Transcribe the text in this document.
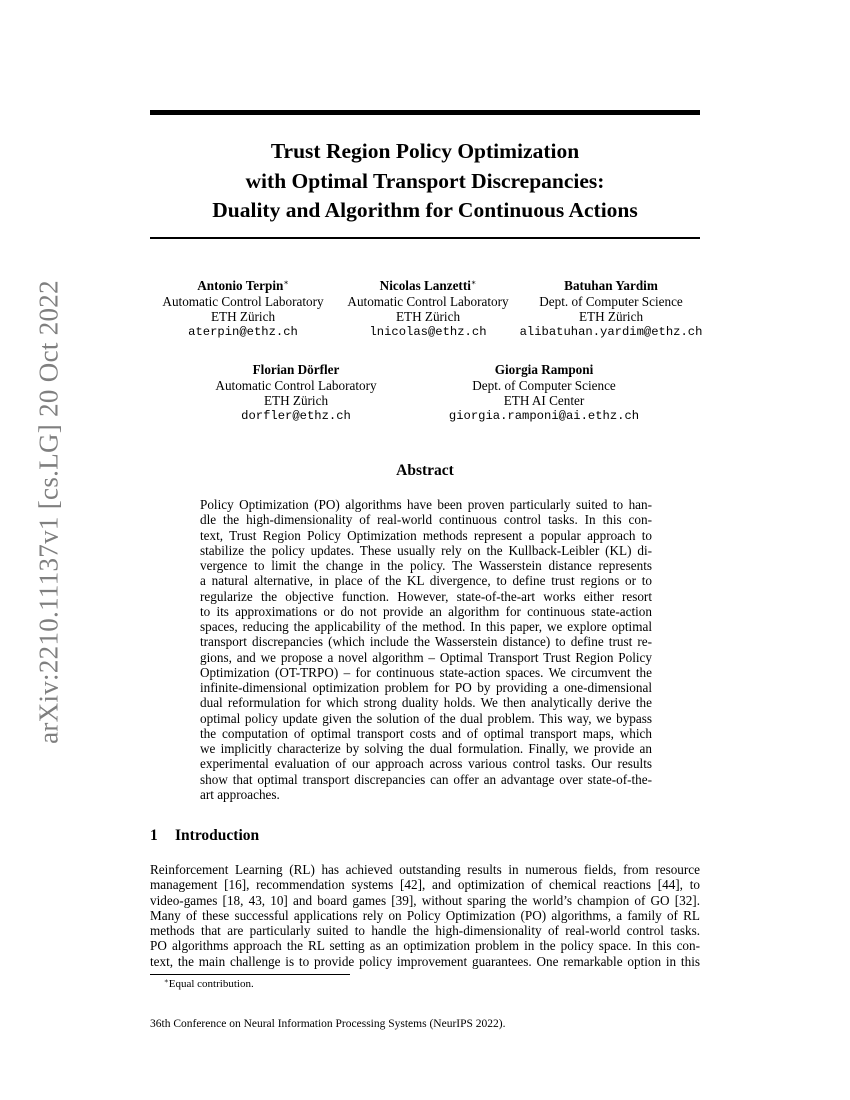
arXiv:2210.11137v1 [cs.LG] 20 Oct 2022
Trust Region Policy Optimization
with Optimal Transport Discrepancies:
Duality and Algorithm for Continuous Actions
Antonio Terpin∗
Automatic Control Laboratory
ETH Zürich
aterpin@ethz.ch
Nicolas Lanzetti∗
Automatic Control Laboratory
ETH Zürich
lnicolas@ethz.ch
Batuhan Yardim
Dept. of Computer Science
ETH Zürich
alibatuhan.yardim@ethz.ch
Florian Dörfler
Automatic Control Laboratory
ETH Zürich
dorfler@ethz.ch
Giorgia Ramponi
Dept. of Computer Science
ETH AI Center
giorgia.ramponi@ai.ethz.ch
Abstract
Policy Optimization (PO) algorithms have been proven particularly suited to han-
dle the high-dimensionality of real-world continuous control tasks. In this con-
text, Trust Region Policy Optimization methods represent a popular approach to
stabilize the policy updates. These usually rely on the Kullback-Leibler (KL) di-
vergence to limit the change in the policy. The Wasserstein distance represents
a natural alternative, in place of the KL divergence, to define trust regions or to
regularize the objective function. However, state-of-the-art works either resort
to its approximations or do not provide an algorithm for continuous state-action
spaces, reducing the applicability of the method. In this paper, we explore optimal
transport discrepancies (which include the Wasserstein distance) to define trust re-
gions, and we propose a novel algorithm – Optimal Transport Trust Region Policy
Optimization (OT-TRPO) – for continuous state-action spaces. We circumvent the
infinite-dimensional optimization problem for PO by providing a one-dimensional
dual reformulation for which strong duality holds. We then analytically derive the
optimal policy update given the solution of the dual problem. This way, we bypass
the computation of optimal transport costs and of optimal transport maps, which
we implicitly characterize by solving the dual formulation. Finally, we provide an
experimental evaluation of our approach across various control tasks. Our results
show that optimal transport discrepancies can offer an advantage over state-of-the-
art approaches.
1 Introduction
Reinforcement Learning (RL) has achieved outstanding results in numerous fields, from resource
management [16], recommendation systems [42], and optimization of chemical reactions [44], to
video-games [18, 43, 10] and board games [39], without sparing the world’s champion of GO [32].
Many of these successful applications rely on Policy Optimization (PO) algorithms, a family of RL
methods that are particularly suited to handle the high-dimensionality of real-world control tasks.
PO algorithms approach the RL setting as an optimization problem in the policy space. In this con-
text, the main challenge is to provide policy improvement guarantees. One remarkable option in this
∗Equal contribution.
36th Conference on Neural Information Processing Systems (NeurIPS 2022).
